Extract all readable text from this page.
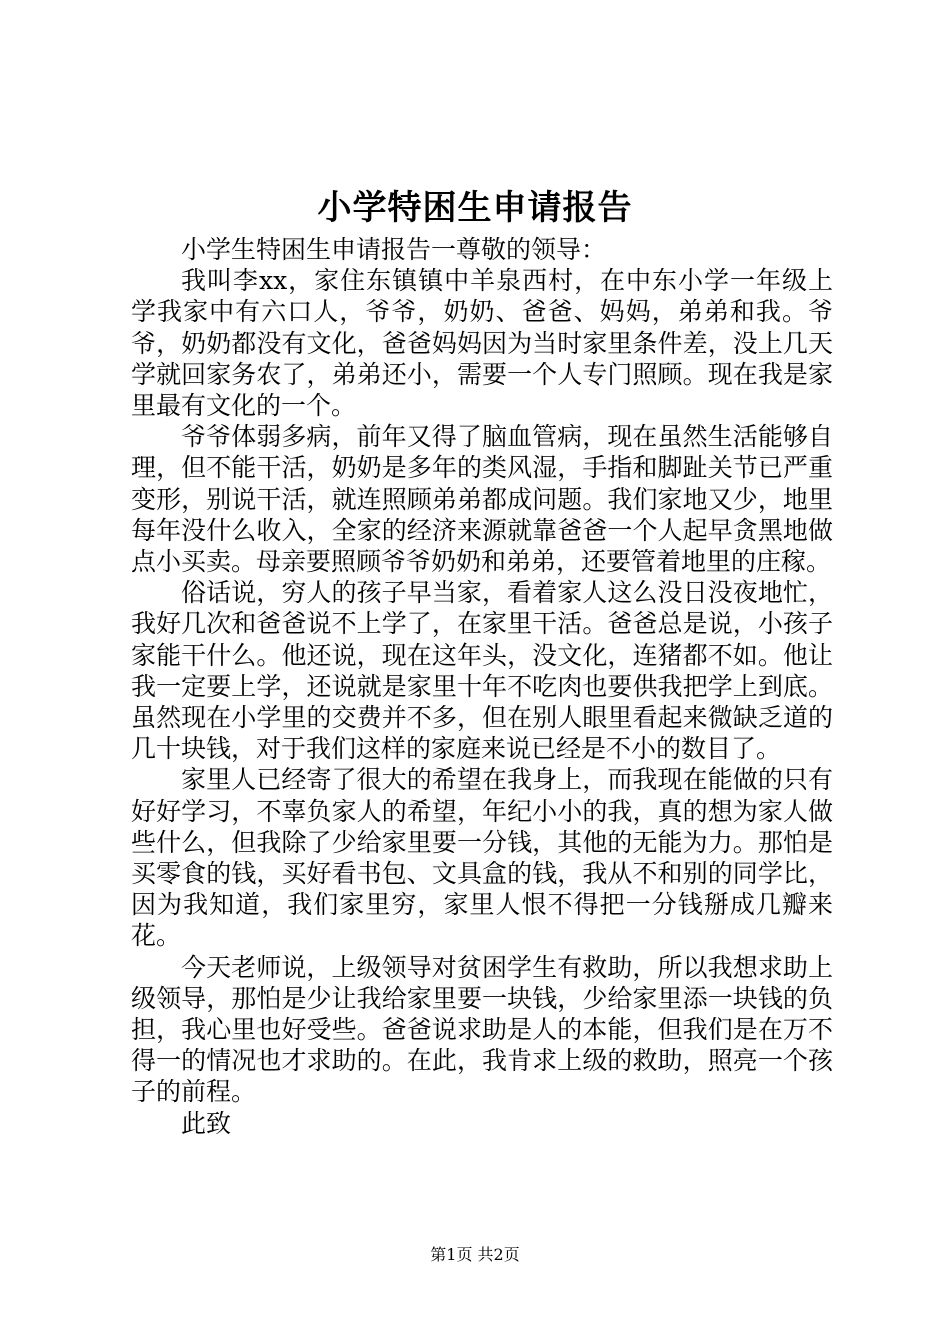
小学特困生申请报告

小学生特困生申请报告一尊敬的领导：

我叫李xx，家住东镇镇中羊泉西村，在中东小学一年级上学我家中有六口人，爷爷，奶奶、爸爸、妈妈，弟弟和我。爷爷，奶奶都没有文化，爸爸妈妈因为当时家里条件差，没上几天学就回家务农了，弟弟还小，需要一个人专门照顾。现在我是家里最有文化的一个。

爷爷体弱多病，前年又得了脑血管病，现在虽然生活能够自理，但不能干活，奶奶是多年的类风湿，手指和脚趾关节已严重变形，别说干活，就连照顾弟弟都成问题。我们家地又少，地里每年没什么收入，全家的经济来源就靠爸爸一个人起早贪黑地做点小买卖。母亲要照顾爷爷奶奶和弟弟，还要管着地里的庄稼。

俗话说，穷人的孩子早当家，看着家人这么没日没夜地忙，我好几次和爸爸说不上学了，在家里干活。爸爸总是说，小孩子家能干什么。他还说，现在这年头，没文化，连猪都不如。他让我一定要上学，还说就是家里十年不吃肉也要供我把学上到底。虽然现在小学里的交费并不多，但在别人眼里看起来微缺乏道的几十块钱，对于我们这样的家庭来说已经是不小的数目了。

家里人已经寄了很大的希望在我身上，而我现在能做的只有好好学习，不辜负家人的希望，年纪小小的我，真的想为家人做些什么，但我除了少给家里要一分钱，其他的无能为力。那怕是买零食的钱，买好看书包、文具盒的钱，我从不和别的同学比，因为我知道，我们家里穷，家里人恨不得把一分钱掰成几瓣来花。

今天老师说，上级领导对贫困学生有救助，所以我想求助上级领导，那怕是少让我给家里要一块钱，少给家里添一块钱的负担，我心里也好受些。爸爸说求助是人的本能，但我们是在万不得一的情况也才求助的。在此，我肯求上级的救助，照亮一个孩子的前程。

此致

第1页 共2页
